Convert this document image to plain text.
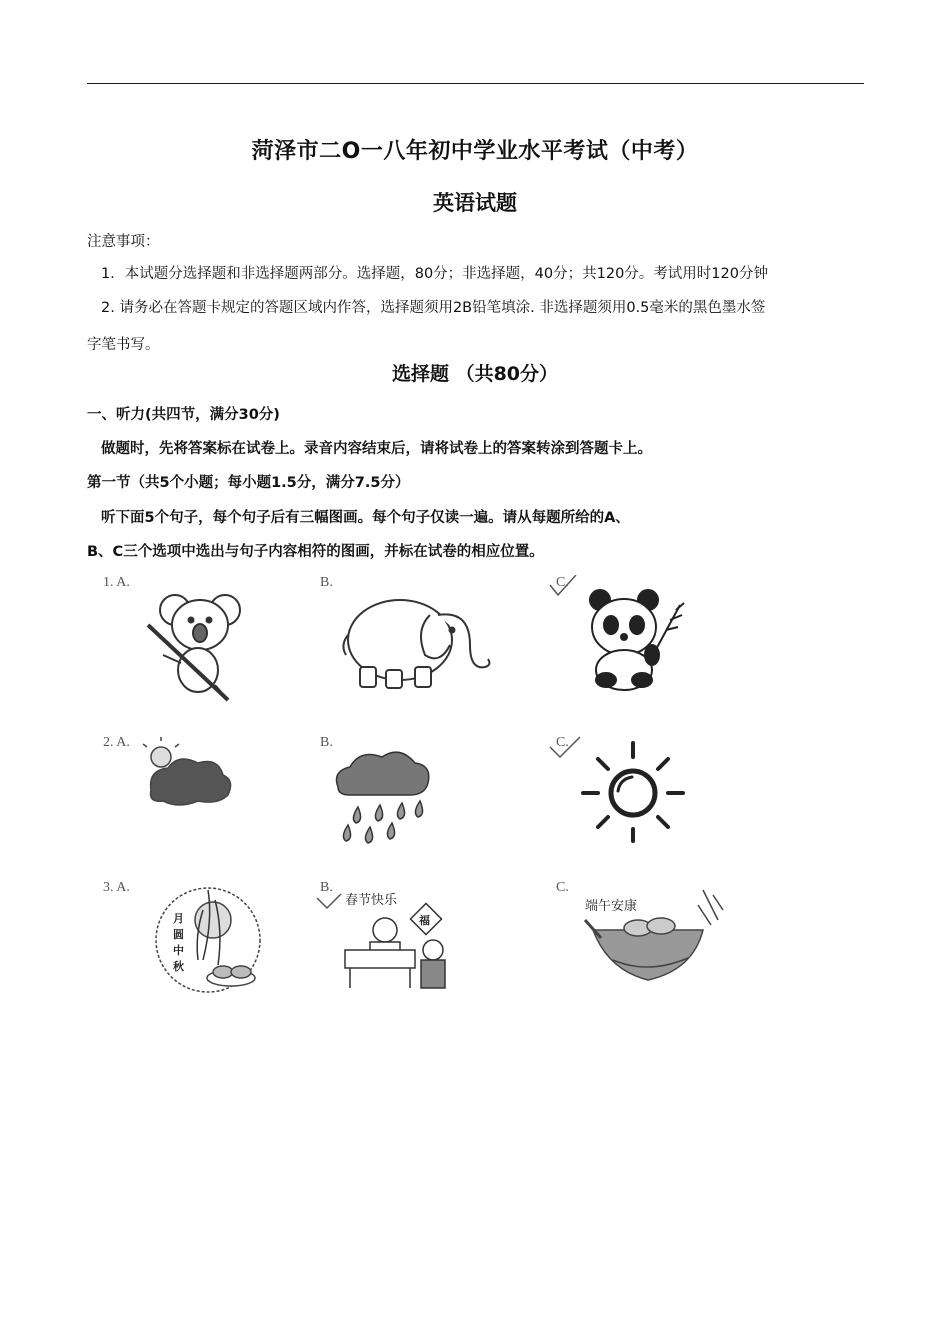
菏泽市二O一八年初中学业水平考试（中考）
英语试题
注意事项：
1．本试题分选择题和非选择题两部分。选择题，80分；非选择题，40分；共120分。考试用时120分钟
2. 请务必在答题卡规定的答题区域内作答，选择题须用2B铅笔填涂. 非选择题须用0.5毫米的黑色墨水签
字笔书写。
选择题 （共80分）
一、听力(共四节，满分30分)
做题时，先将答案标在试卷上。录音内容结束后，请将试卷上的答案转涂到答题卡上。
第一节（共5个小题；每小题1.5分，满分7.5分）
听下面5个句子，每个句子后有三幅图画。每个句子仅读一遍。请从每题所给的A、
B、C三个选项中选出与句子内容相符的图画，并标在试卷的相应位置。
1. A.	B.	C.
2. A.	B.	C.
3. A.
月
圆
中
秋
B.
春节快乐
福
C.
端午安康
